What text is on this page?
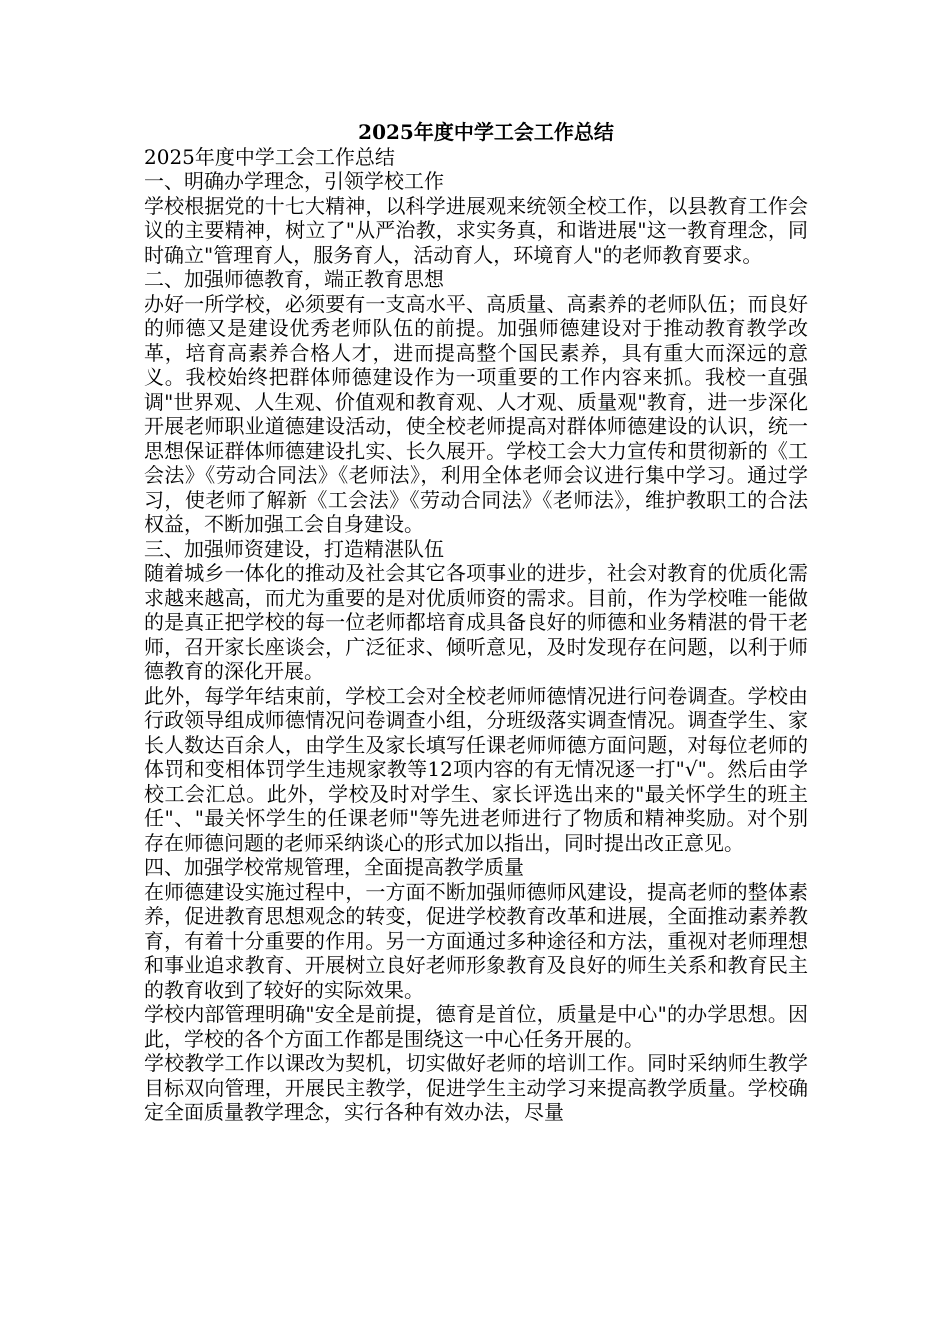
2025年度中学工会工作总结

2025年度中学工会工作总结

一、明确办学理念，引领学校工作

学校根据党的十七大精神，以科学进展观来统领全校工作，以县教育工作会议的主要精神，树立了"从严治教，求实务真，和谐进展"这一教育理念，同时确立"管理育人，服务育人，活动育人，环境育人"的老师教育要求。

二、加强师德教育，端正教育思想

办好一所学校，必须要有一支高水平、高质量、高素养的老师队伍；而良好的师德又是建设优秀老师队伍的前提。加强师德建设对于推动教育教学改革，培育高素养合格人才，进而提高整个国民素养，具有重大而深远的意义。我校始终把群体师德建设作为一项重要的工作内容来抓。我校一直强调"世界观、人生观、价值观和教育观、人才观、质量观"教育，进一步深化开展老师职业道德建设活动，使全校老师提高对群体师德建设的认识，统一思想保证群体师德建设扎实、长久展开。学校工会大力宣传和贯彻新的《工会法》《劳动合同法》《老师法》，利用全体老师会议进行集中学习。通过学习，使老师了解新《工会法》《劳动合同法》《老师法》，维护教职工的合法权益，不断加强工会自身建设。

三、加强师资建设，打造精湛队伍

随着城乡一体化的推动及社会其它各项事业的进步，社会对教育的优质化需求越来越高，而尤为重要的是对优质师资的需求。目前，作为学校唯一能做的是真正把学校的每一位老师都培育成具备良好的师德和业务精湛的骨干老师，召开家长座谈会，广泛征求、倾听意见，及时发现存在问题，以利于师德教育的深化开展。

此外，每学年结束前，学校工会对全校老师师德情况进行问卷调查。学校由行政领导组成师德情况问卷调查小组，分班级落实调查情况。调查学生、家长人数达百余人，由学生及家长填写任课老师师德方面问题，对每位老师的体罚和变相体罚学生违规家教等12项内容的有无情况逐一打"√"。然后由学校工会汇总。此外，学校及时对学生、家长评选出来的"最关怀学生的班主任"、"最关怀学生的任课老师"等先进老师进行了物质和精神奖励。对个别存在师德问题的老师采纳谈心的形式加以指出，同时提出改正意见。

四、加强学校常规管理，全面提高教学质量

在师德建设实施过程中，一方面不断加强师德师风建设，提高老师的整体素养，促进教育思想观念的转变，促进学校教育改革和进展，全面推动素养教育，有着十分重要的作用。另一方面通过多种途径和方法，重视对老师理想和事业追求教育、开展树立良好老师形象教育及良好的师生关系和教育民主的教育收到了较好的实际效果。

学校内部管理明确"安全是前提，德育是首位，质量是中心"的办学思想。因此，学校的各个方面工作都是围绕这一中心任务开展的。

学校教学工作以课改为契机，切实做好老师的培训工作。同时采纳师生教学目标双向管理，开展民主教学，促进学生主动学习来提高教学质量。学校确定全面质量教学理念，实行各种有效办法，尽量
